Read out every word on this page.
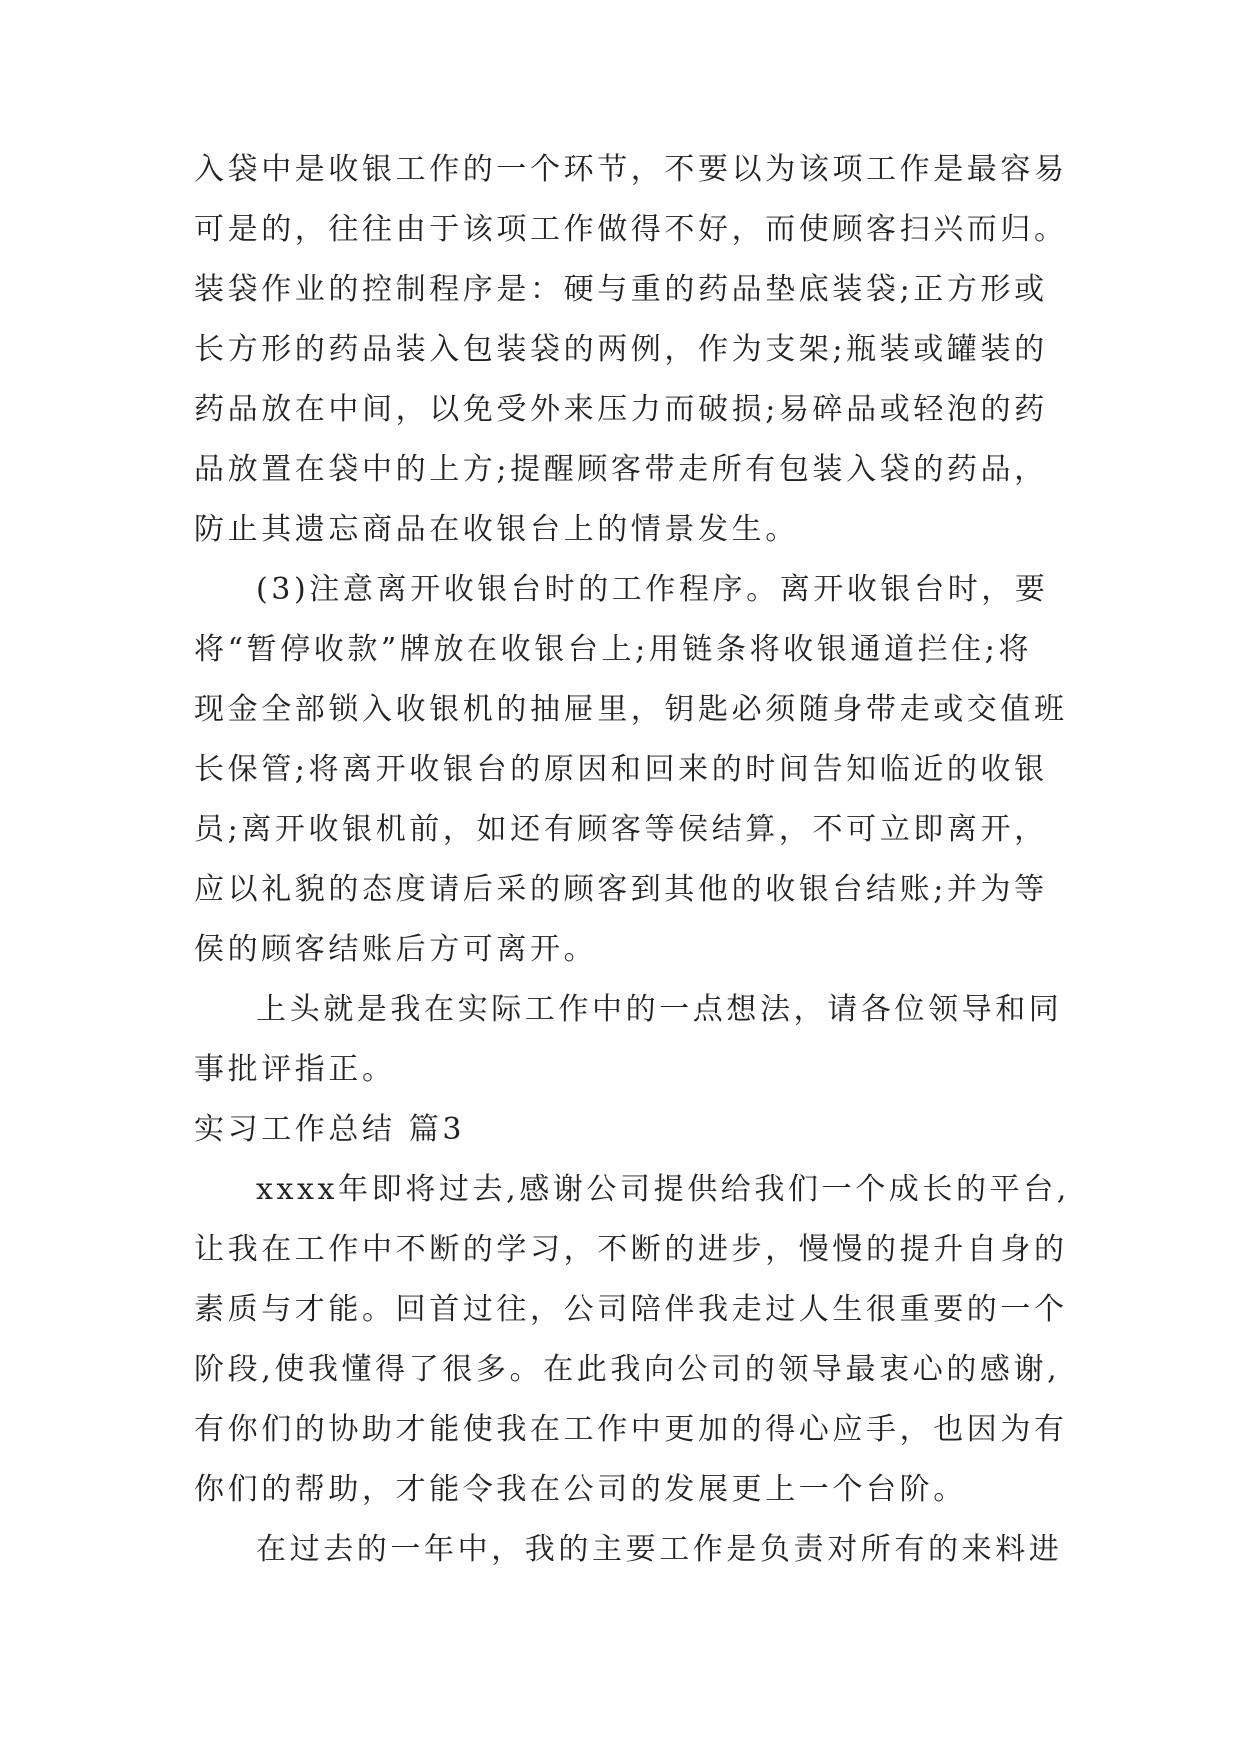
入袋中是收银工作的一个环节，不要以为该项工作是最容易
可是的，往往由于该项工作做得不好，而使顾客扫兴而归。
装袋作业的控制程序是：硬与重的药品垫底装袋;正方形或
长方形的药品装入包装袋的两例，作为支架;瓶装或罐装的
药品放在中间，以免受外来压力而破损;易碎品或轻泡的药
品放置在袋中的上方;提醒顾客带走所有包装入袋的药品，
防止其遗忘商品在收银台上的情景发生。
(3)注意离开收银台时的工作程序。离开收银台时，要
将“暂停收款”牌放在收银台上;用链条将收银通道拦住;将
现金全部锁入收银机的抽屉里，钥匙必须随身带走或交值班
长保管;将离开收银台的原因和回来的时间告知临近的收银
员;离开收银机前，如还有顾客等侯结算，不可立即离开，
应以礼貌的态度请后采的顾客到其他的收银台结账;并为等
侯的顾客结账后方可离开。
上头就是我在实际工作中的一点想法，请各位领导和同
事批评指正。
实习工作总结 篇3
xxxx年即将过去,感谢公司提供给我们一个成长的平台,
让我在工作中不断的学习，不断的进步，慢慢的提升自身的
素质与才能。回首过往，公司陪伴我走过人生很重要的一个
阶段,使我懂得了很多。在此我向公司的领导最衷心的感谢,
有你们的协助才能使我在工作中更加的得心应手，也因为有
你们的帮助，才能令我在公司的发展更上一个台阶。
在过去的一年中，我的主要工作是负责对所有的来料进
